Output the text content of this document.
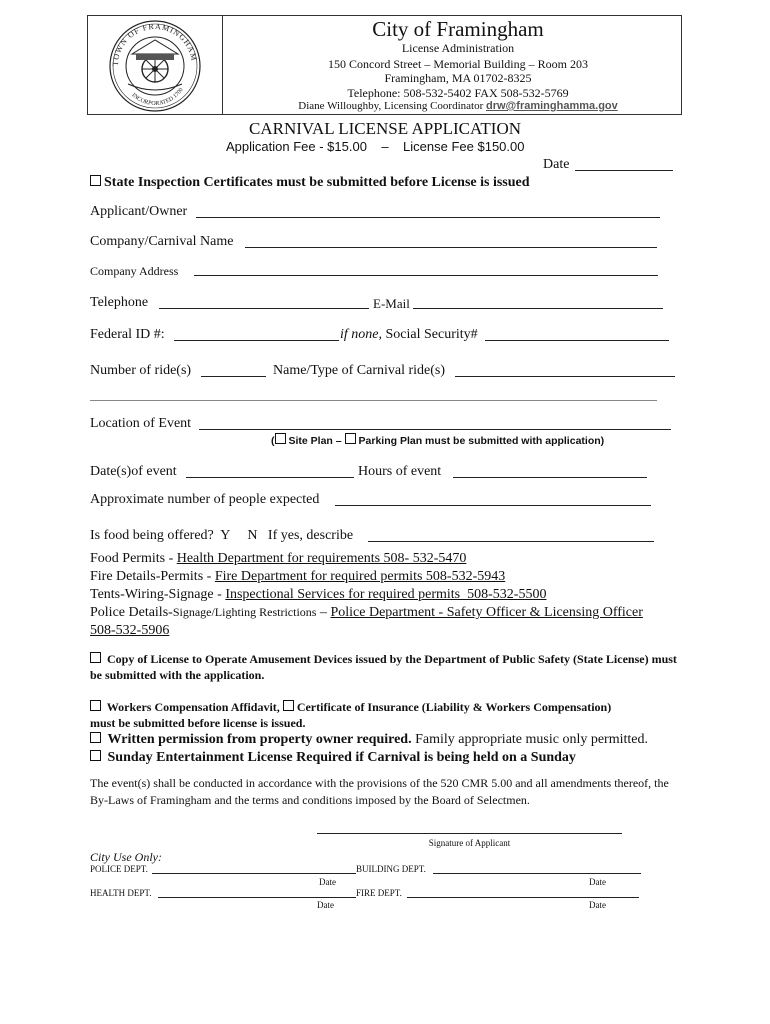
TOWN OF FRAMINGHAM
INCORPORATED 1700
City of Framingham
License Administration
150 Concord Street – Memorial Building – Room 203
Framingham, MA 01702-8325
Telephone: 508-532-5402 FAX 508-532-5769
Diane Willoughby, Licensing Coordinator drw@framinghamma.gov
CARNIVAL LICENSE APPLICATION
Application Fee - $15.00    –    License Fee $150.00
Date
State Inspection Certificates must be submitted before License is issued
Applicant/Owner
Company/Carnival Name
Company Address
Telephone	E-Mail
Federal ID #:	if none, Social Security#
Number of ride(s)	Name/Type of Carnival ride(s)
Location of Event
( Site Plan – Parking Plan must be submitted with application)
Date(s)of event	Hours of event
Approximate number of people expected
Is food being offered?  Y     N   If yes, describe
Food Permits - Health Department for requirements 508- 532-5470
Fire Details-Permits - Fire Department for required permits 508-532-5943
Tents-Wiring-Signage - Inspectional Services for required permits  508-532-5500
Police Details-Signage/Lighting Restrictions – Police Department - Safety Officer & Licensing Officer
508-532-5906
Copy of License to Operate Amusement Devices issued by the Department of Public Safety (State License) must be submitted with the application.
Workers Compensation Affidavit, Certificate of Insurance (Liability & Workers Compensation)
must be submitted before license is issued.
Written permission from property owner required. Family appropriate music only permitted.
Sunday Entertainment License Required if Carnival is being held on a Sunday
The event(s) shall be conducted in accordance with the provisions of the 520 CMR 5.00 and all amendments thereof, the By-Laws of Framingham and the terms and conditions imposed by the Board of Selectmen.
Signature of Applicant
City Use Only:
POLICE DEPT.	BUILDING DEPT.
Date	Date
HEALTH DEPT.	FIRE DEPT.
Date	Date
